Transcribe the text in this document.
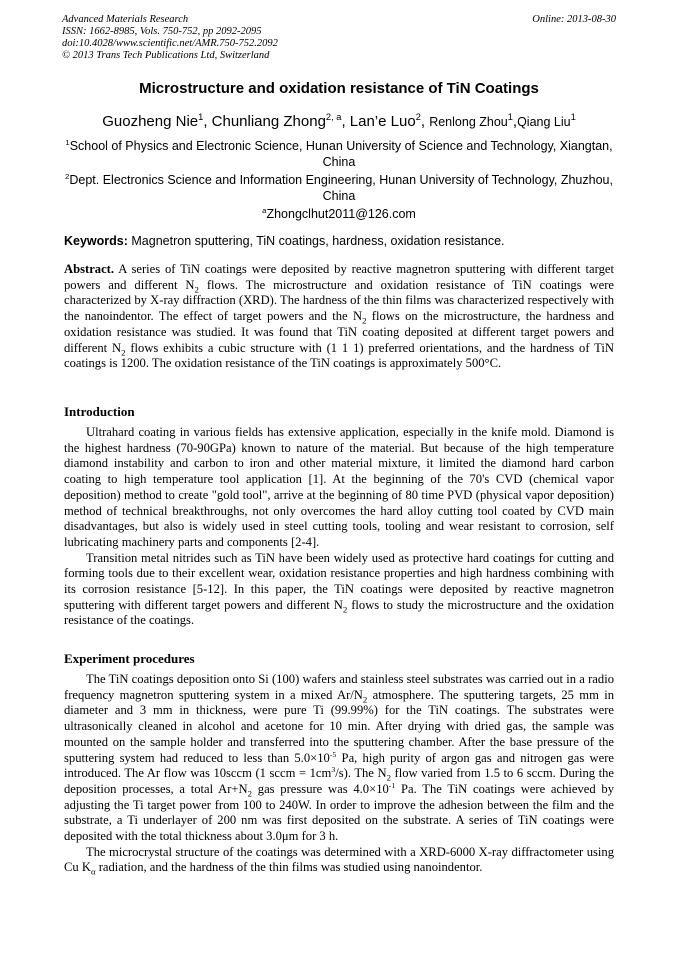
Advanced Materials Research
ISSN: 1662-8985, Vols. 750-752, pp 2092-2095
doi:10.4028/www.scientific.net/AMR.750-752.2092
© 2013 Trans Tech Publications Ltd, Switzerland
Online: 2013-08-30
Microstructure and oxidation resistance of TiN Coatings
Guozheng Nie$^1$, Chunliang Zhong$^{2, a}$, Lan’e Luo$^2$, Renlong Zhou$^1$,Qiang Liu$^1$
$^1$School of Physics and Electronic Science, Hunan University of Science and Technology, Xiangtan, China
$^2$Dept. Electronics Science and Information Engineering, Hunan University of Technology, Zhuzhou, China
$^a$Zhongclhut2011@126.com
Keywords: Magnetron sputtering, TiN coatings, hardness, oxidation resistance.

Abstract. A series of TiN coatings were deposited by reactive magnetron sputtering with different target powers and different $N_2$ flows. The microstructure and oxidation resistance of TiN coatings were characterized by X-ray diffraction (XRD). The hardness of the thin films was characterized respectively with the nanoindentor. The effect of target powers and the $N_2$ flows on the microstructure, the hardness and oxidation resistance was studied. It was found that TiN coating deposited at different target powers and different $N_2$ flows exhibits a cubic structure with (1 1 1) preferred orientations, and the hardness of TiN coatings is 1200. The oxidation resistance of the TiN coatings is approximately 500°C.

Introduction

Ultrahard coating in various fields has extensive application, especially in the knife mold. Diamond is the highest hardness (70-90GPa) known to nature of the material. But because of the high temperature diamond instability and carbon to iron and other material mixture, it limited the diamond hard carbon coating to high temperature tool application [1]. At the beginning of the 70's CVD (chemical vapor deposition) method to create "gold tool", arrive at the beginning of 80 time PVD (physical vapor deposition) method of technical breakthroughs, not only overcomes the hard alloy cutting tool coated by CVD main disadvantages, but also is widely used in steel cutting tools, tooling and wear resistant to corrosion, self lubricating machinery parts and components [2-4].

Transition metal nitrides such as TiN have been widely used as protective hard coatings for cutting and forming tools due to their excellent wear, oxidation resistance properties and high hardness combining with its corrosion resistance [5-12]. In this paper, the TiN coatings were deposited by reactive magnetron sputtering with different target powers and different $N_2$ flows to study the microstructure and the oxidation resistance of the coatings.

Experiment procedures

The TiN coatings deposition onto Si (100) wafers and stainless steel substrates was carried out in a radio frequency magnetron sputtering system in a mixed $Ar/N_2$ atmosphere. The sputtering targets, 25 mm in diameter and 3 mm in thickness, were pure Ti (99.99%) for the TiN coatings. The substrates were ultrasonically cleaned in alcohol and acetone for 10 min. After drying with dried gas, the sample was mounted on the sample holder and transferred into the sputtering chamber. After the base pressure of the sputtering system had reduced to less than $5.0\times 10^{-5}$ Pa, high purity of argon gas and nitrogen gas were introduced. The Ar flow was 10sccm (1 sccm = $1cm^3/s$). The $N_2$ flow varied from 1.5 to 6 sccm. During the deposition processes, a total $Ar+N_2$ gas pressure was $4.0\times 10^{-1}$ Pa. The TiN coatings were achieved by adjusting the Ti target power from 100 to 240W. In order to improve the adhesion between the film and the substrate, a Ti underlayer of 200 nm was first deposited on the substrate. A series of TiN coatings were deposited with the total thickness about 3.0μm for 3 h.

The microcrystal structure of the coatings was determined with a XRD-6000 X-ray diffractometer using Cu $K_\alpha$ radiation, and the hardness of the thin films was studied using nanoindentor.
